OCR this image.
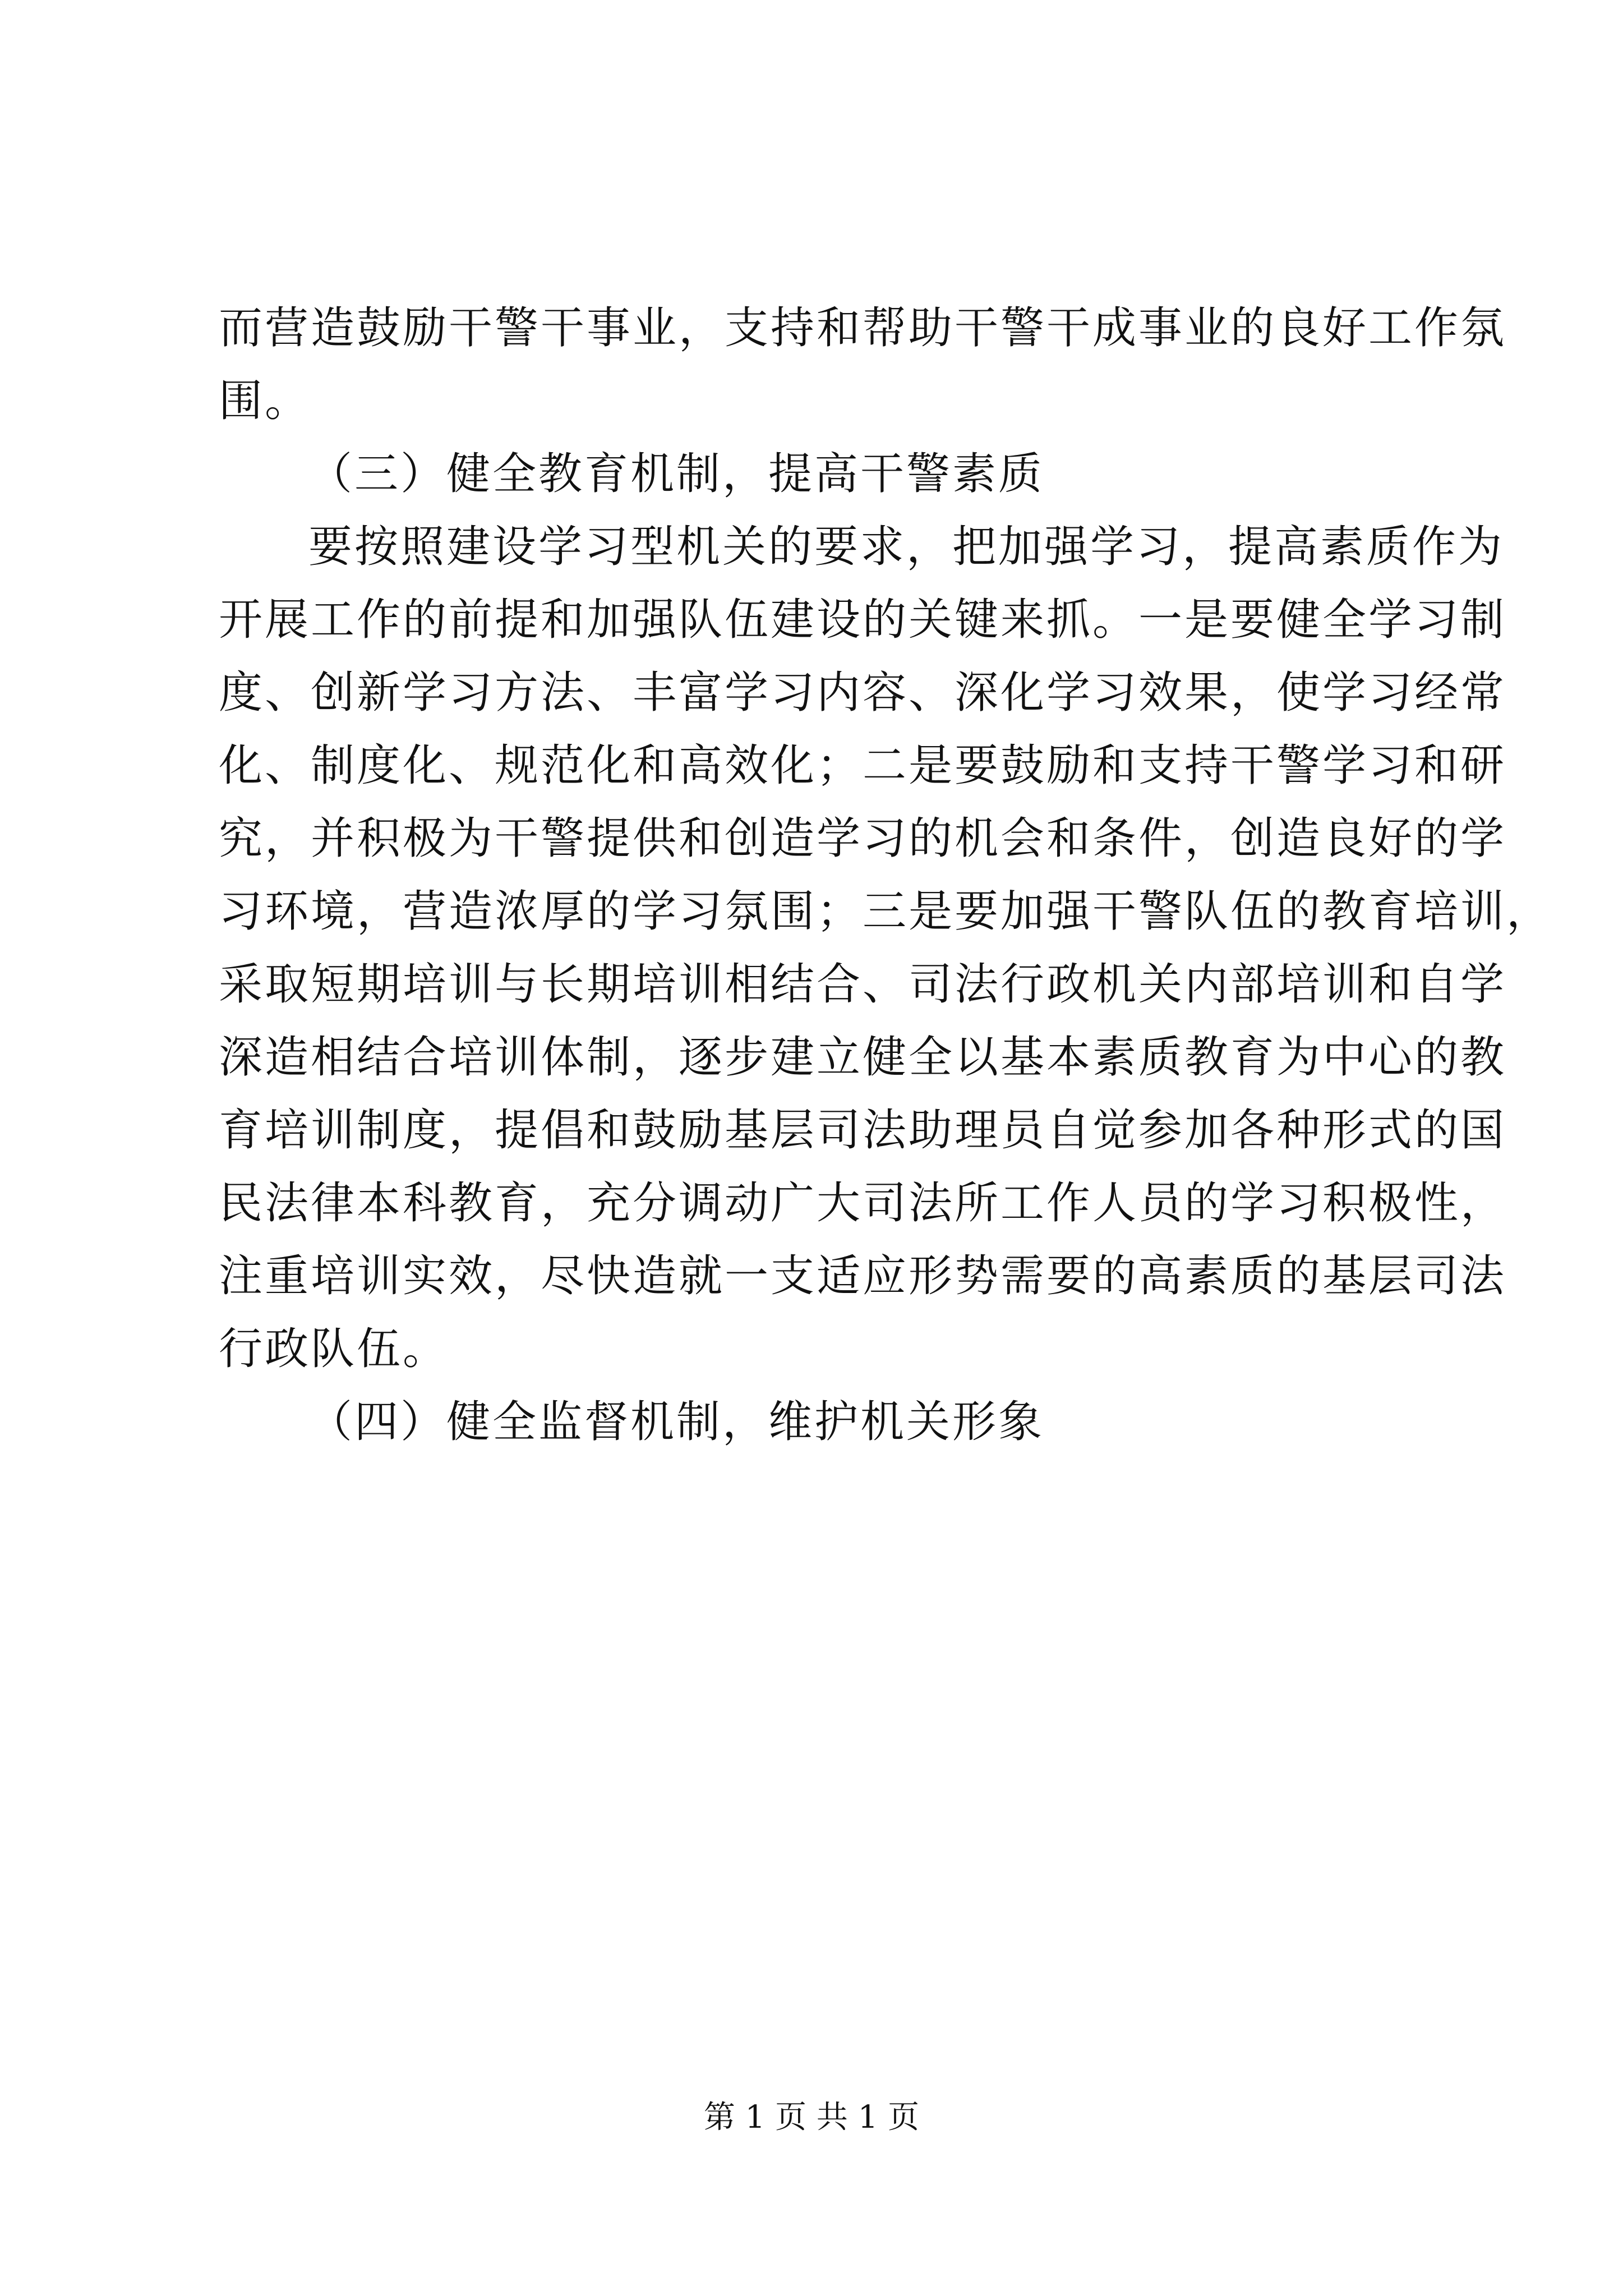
而营造鼓励干警干事业，支持和帮助干警干成事业的良好工作氛
围。

（三）健全教育机制，提高干警素质

要按照建设学习型机关的要求，把加强学习，提高素质作为
开展工作的前提和加强队伍建设的关键来抓。一是要健全学习制
度、创新学习方法、丰富学习内容、深化学习效果，使学习经常
化、制度化、规范化和高效化；二是要鼓励和支持干警学习和研
究，并积极为干警提供和创造学习的机会和条件，创造良好的学
习环境，营造浓厚的学习氛围；三是要加强干警队伍的教育培训，
采取短期培训与长期培训相结合、司法行政机关内部培训和自学
深造相结合培训体制，逐步建立健全以基本素质教育为中心的教
育培训制度，提倡和鼓励基层司法助理员自觉参加各种形式的国
民法律本科教育，充分调动广大司法所工作人员的学习积极性，
注重培训实效，尽快造就一支适应形势需要的高素质的基层司法
行政队伍。

（四）健全监督机制，维护机关形象

第 1 页 共 1 页
